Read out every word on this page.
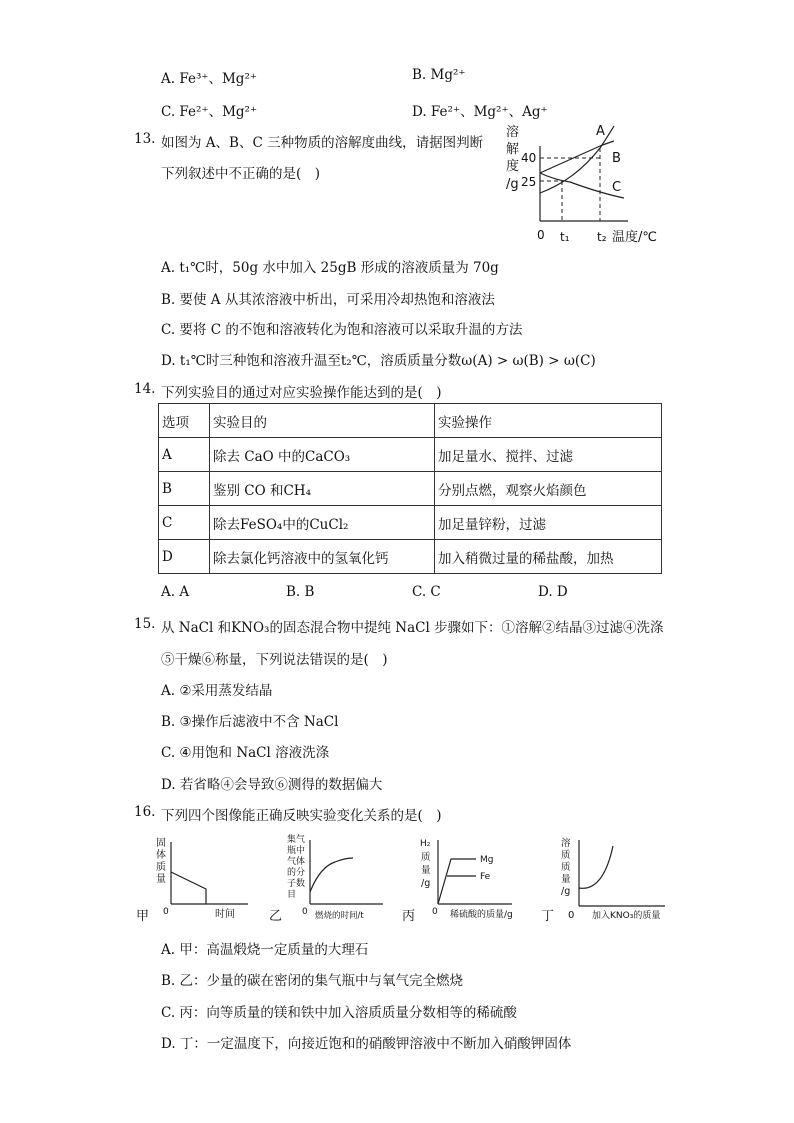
A. Fe³⁺、Mg²⁺	B. Mg²⁺
C. Fe²⁺、Mg²⁺	D. Fe²⁺、Mg²⁺、Ag⁺
13. 如图为 A、B、C 三种物质的溶解度曲线，请据图判断
下列叙述中不正确的是(　)
溶
解
度
/g
40
25
A
B
C
0 t₁ t₂ 温度/℃
A. t₁℃时，50g 水中加入 25gB 形成的溶液质量为 70g
B. 要使 A 从其浓溶液中析出，可采用冷却热饱和溶液法
C. 要将 C 的不饱和溶液转化为饱和溶液可以采取升温的方法
D. t₁℃时三种饱和溶液升温至t₂℃，溶质质量分数ω(A) > ω(B) > ω(C)
14. 下列实验目的通过对应实验操作能达到的是(　)
选项	实验目的	实验操作
A	除去 CaO 中的CaCO₃	加足量水、搅拌、过滤
B	鉴别 CO 和CH₄	分别点燃，观察火焰颜色
C	除去FeSO₄中的CuCl₂	加足量锌粉，过滤
D	除去氯化钙溶液中的氢氧化钙	加入稍微过量的稀盐酸，加热
A. A	B. B	C. C	D. D
15. 从 NaCl 和KNO₃的固态混合物中提纯 NaCl 步骤如下：①溶解②结晶③过滤④洗涤
⑤干燥⑥称量，下列说法错误的是(　)
A. ②采用蒸发结晶
B. ③操作后滤液中不含 NaCl
C. ④用饱和 NaCl 溶液洗涤
D. 若省略④会导致⑥测得的数据偏大
16. 下列四个图像能正确反映实验变化关系的是(　)
甲
固
体
质
量
0	时间	乙
集气
瓶中
气体
的分
子数
目
0 燃烧的时间/t	丙
H₂
质
量
/g
Mg
Fe
0 稀硫酸的质量/g 丁
溶
质
质
量
/g
0 加入KNO₃的质量
A. 甲：高温煅烧一定质量的大理石
B. 乙：少量的碳在密闭的集气瓶中与氧气完全燃烧
C. 丙：向等质量的镁和铁中加入溶质质量分数相等的稀硫酸
D. 丁：一定温度下，向接近饱和的硝酸钾溶液中不断加入硝酸钾固体
